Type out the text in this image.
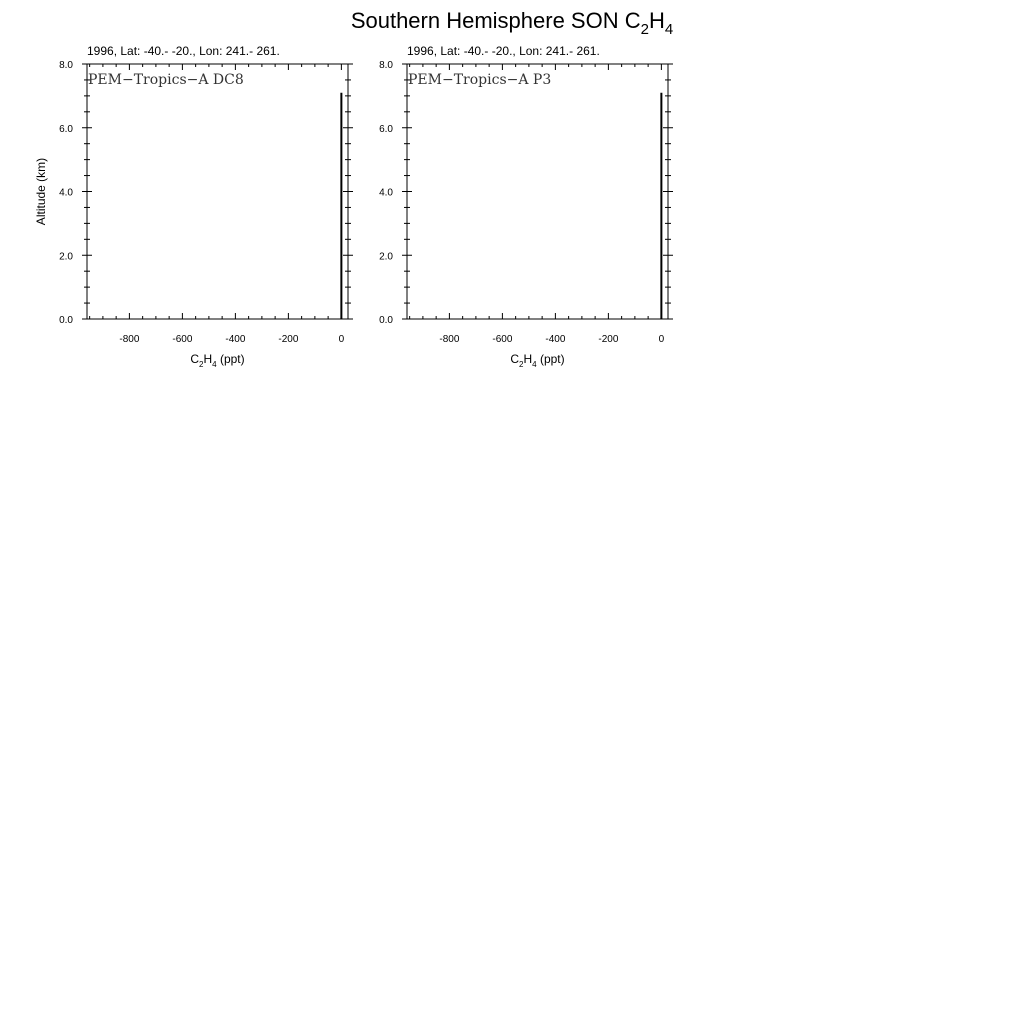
Southern Hemisphere SON $C_2H_4$
1996, Lat: -40.- -20., Lon: 241.- 261.
PEM−Tropics−A DC8
-800	-600	-400	-200	0
0.0
2.0
4.0
6.0
8.0
$C_2H_4$ (ppt)
Altitude (km)
1996, Lat: -40.- -20., Lon: 241.- 261.
PEM−Tropics−A P3
-800	-600	-400	-200	0
0.0
2.0
4.0
6.0
8.0
$C_2H_4$ (ppt)
